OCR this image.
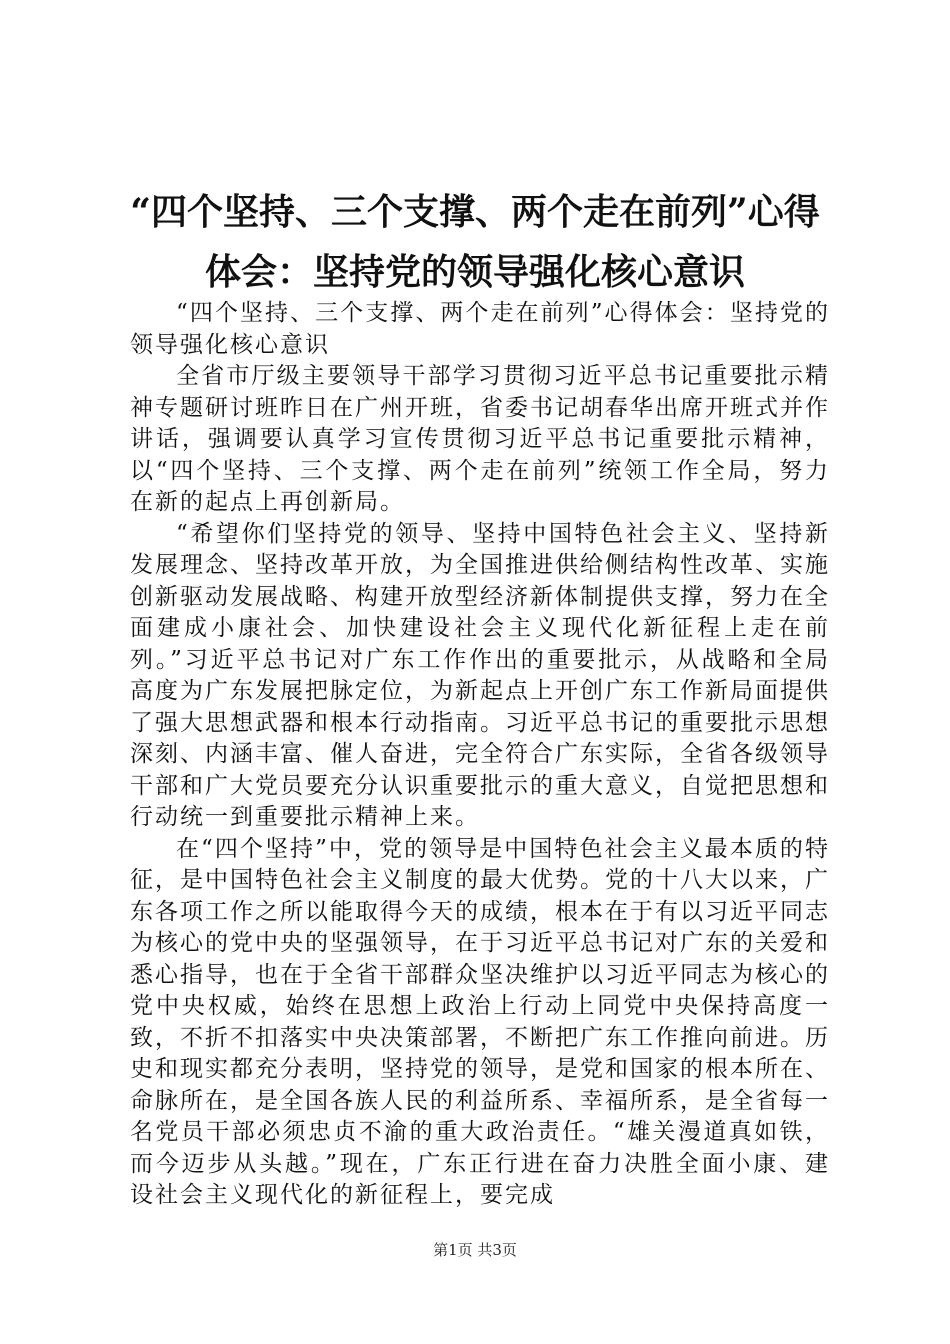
“四个坚持、三个支撑、两个走在前列”心得
体会：坚持党的领导强化核心意识

“四个坚持、三个支撑、两个走在前列”心得体会：坚持党的领导强化核心意识

全省市厅级主要领导干部学习贯彻习近平总书记重要批示精神专题研讨班昨日在广州开班，省委书记胡春华出席开班式并作讲话，强调要认真学习宣传贯彻习近平总书记重要批示精神，以“四个坚持、三个支撑、两个走在前列”统领工作全局，努力在新的起点上再创新局。

“希望你们坚持党的领导、坚持中国特色社会主义、坚持新发展理念、坚持改革开放，为全国推进供给侧结构性改革、实施创新驱动发展战略、构建开放型经济新体制提供支撑，努力在全面建成小康社会、加快建设社会主义现代化新征程上走在前列。”习近平总书记对广东工作作出的重要批示，从战略和全局高度为广东发展把脉定位，为新起点上开创广东工作新局面提供了强大思想武器和根本行动指南。习近平总书记的重要批示思想深刻、内涵丰富、催人奋进，完全符合广东实际，全省各级领导干部和广大党员要充分认识重要批示的重大意义，自觉把思想和行动统一到重要批示精神上来。

在“四个坚持”中，党的领导是中国特色社会主义最本质的特征，是中国特色社会主义制度的最大优势。党的十八大以来，广东各项工作之所以能取得今天的成绩，根本在于有以习近平同志为核心的党中央的坚强领导，在于习近平总书记对广东的关爱和悉心指导，也在于全省干部群众坚决维护以习近平同志为核心的党中央权威，始终在思想上政治上行动上同党中央保持高度一致，不折不扣落实中央决策部署，不断把广东工作推向前进。历史和现实都充分表明，坚持党的领导，是党和国家的根本所在、命脉所在，是全国各族人民的利益所系、幸福所系，是全省每一名党员干部必须忠贞不渝的重大政治责任。“雄关漫道真如铁，而今迈步从头越。”现在，广东正行进在奋力决胜全面小康、建设社会主义现代化的新征程上，要完成

第1页 共3页
